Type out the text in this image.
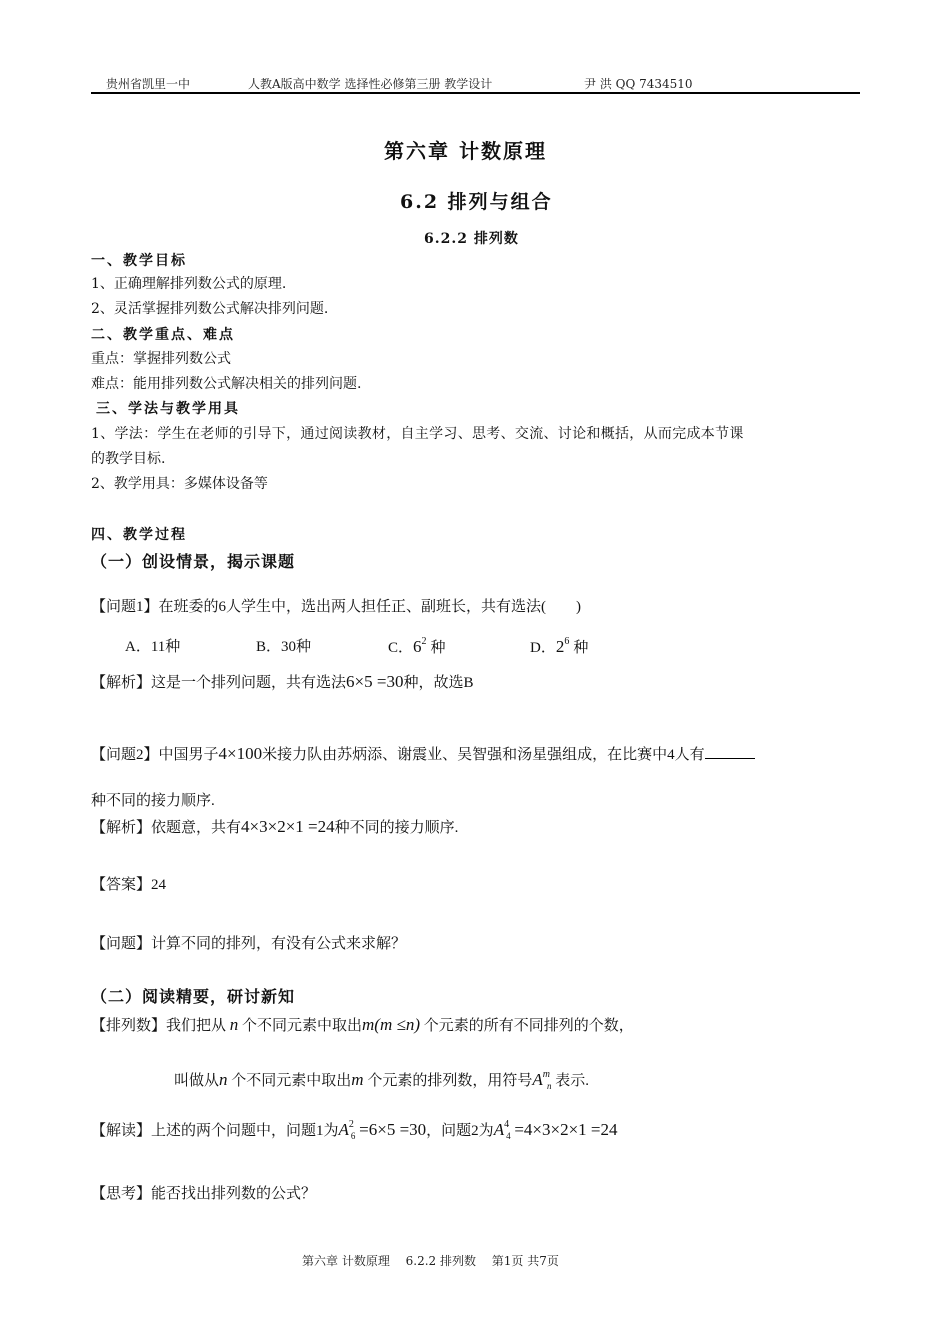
贵州省凯里一中	人教A版高中数学 选择性必修第三册 教学设计	尹 洪 QQ 7434510
第六章 计数原理
6.2 排列与组合
6.2.2 排列数
一、教学目标
1、正确理解排列数公式的原理.
2、灵活掌握排列数公式解决排列问题.
二、教学重点、难点
重点：掌握排列数公式
难点：能用排列数公式解决相关的排列问题.
三、学法与教学用具
1、学法：学生在老师的引导下，通过阅读教材，自主学习、思考、交流、讨论和概括，从而完成本节课
的教学目标.
2、教学用具：多媒体设备等
四、教学过程
（一）创设情景，揭示课题
【问题1】在班委的6人学生中，选出两人担任正、副班长，共有选法(　　)
A．11种	B．30种	C．$6^2$ 种	D．$2^6$ 种
【解析】这是一个排列问题，共有选法6×5 =30种，故选B
【问题2】中国男子4×100米接力队由苏炳添、谢震业、吴智强和汤星强组成，在比赛中4人有
种不同的接力顺序.
【解析】依题意，共有4×3×2×1 =24种不同的接力顺序.
【答案】24
【问题】计算不同的排列，有没有公式来求解？
（二）阅读精要，研讨新知
【排列数】我们把从 n 个不同元素中取出m(m ≤n) 个元素的所有不同排列的个数，
叫做从n 个不同元素中取出m 个元素的排列数，用符号$A^m_n$ 表示.
【解读】上述的两个问题中，问题1为$A^2_6 =6\times 5 =30$，问题2为$A^4_4 =4\times 3\times 2\times 1 =24$
【思考】能否找出排列数的公式？
第六章 计数原理　 6.2.2 排列数　 第1页 共7页
